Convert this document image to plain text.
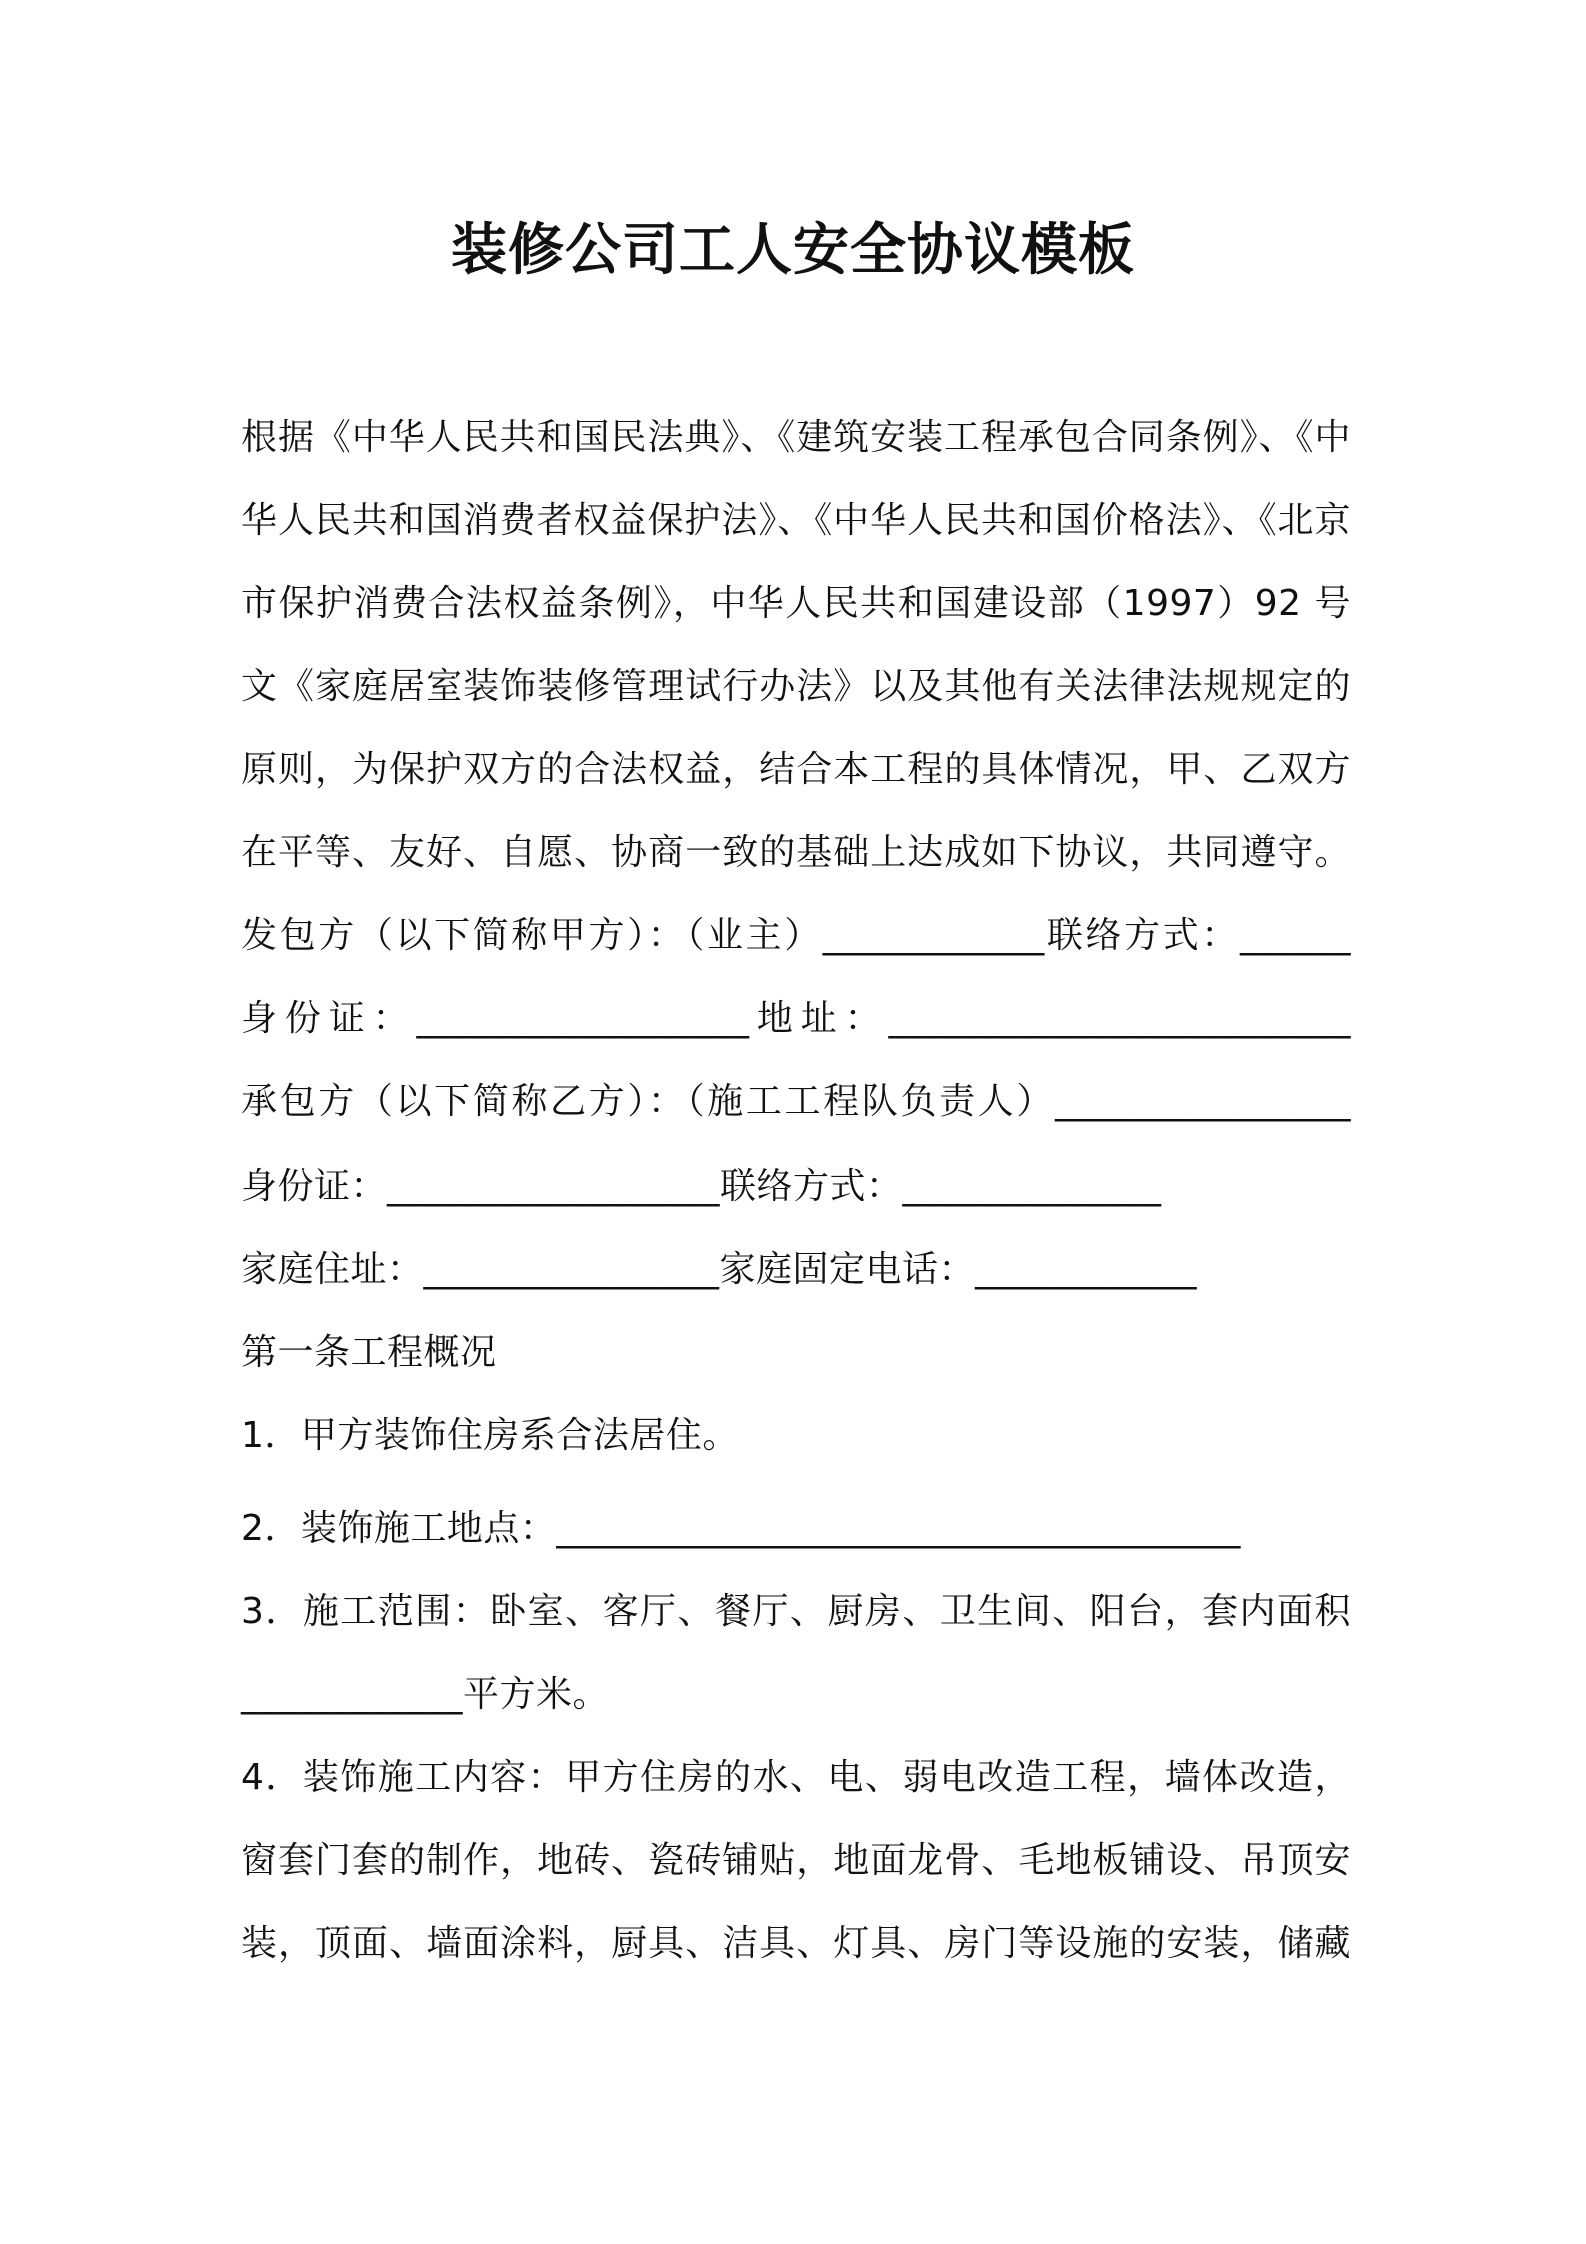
装修公司工人安全协议模板
根据《中华人民共和国民法典》、《建筑安装工程承包合同条例》、《中
华人民共和国消费者权益保护法》、《中华人民共和国价格法》、《北京
市保护消费合法权益条例》，中华人民共和国建设部（1997）92 号
文《家庭居室装饰装修管理试行办法》以及其他有关法律法规规定的
原则，为保护双方的合法权益，结合本工程的具体情况，甲、乙双方
在平等、友好、自愿、协商一致的基础上达成如下协议，共同遵守。
发包方（以下简称甲方）：（业主）____________联络方式：______
身份证：__________________地址：_________________________
承包方（以下简称乙方）：（施工工程队负责人）________________
身份证：__________________联络方式：______________
家庭住址：________________家庭固定电话：____________
第一条工程概况
1．甲方装饰住房系合法居住。
2．装饰施工地点：_____________________________________
3．施工范围：卧室、客厅、餐厅、厨房、卫生间、阳台，套内面积
____________平方米。
4．装饰施工内容：甲方住房的水、电、弱电改造工程，墙体改造，
窗套门套的制作，地砖、瓷砖铺贴，地面龙骨、毛地板铺设、吊顶安
装，顶面、墙面涂料，厨具、洁具、灯具、房门等设施的安装，储藏
